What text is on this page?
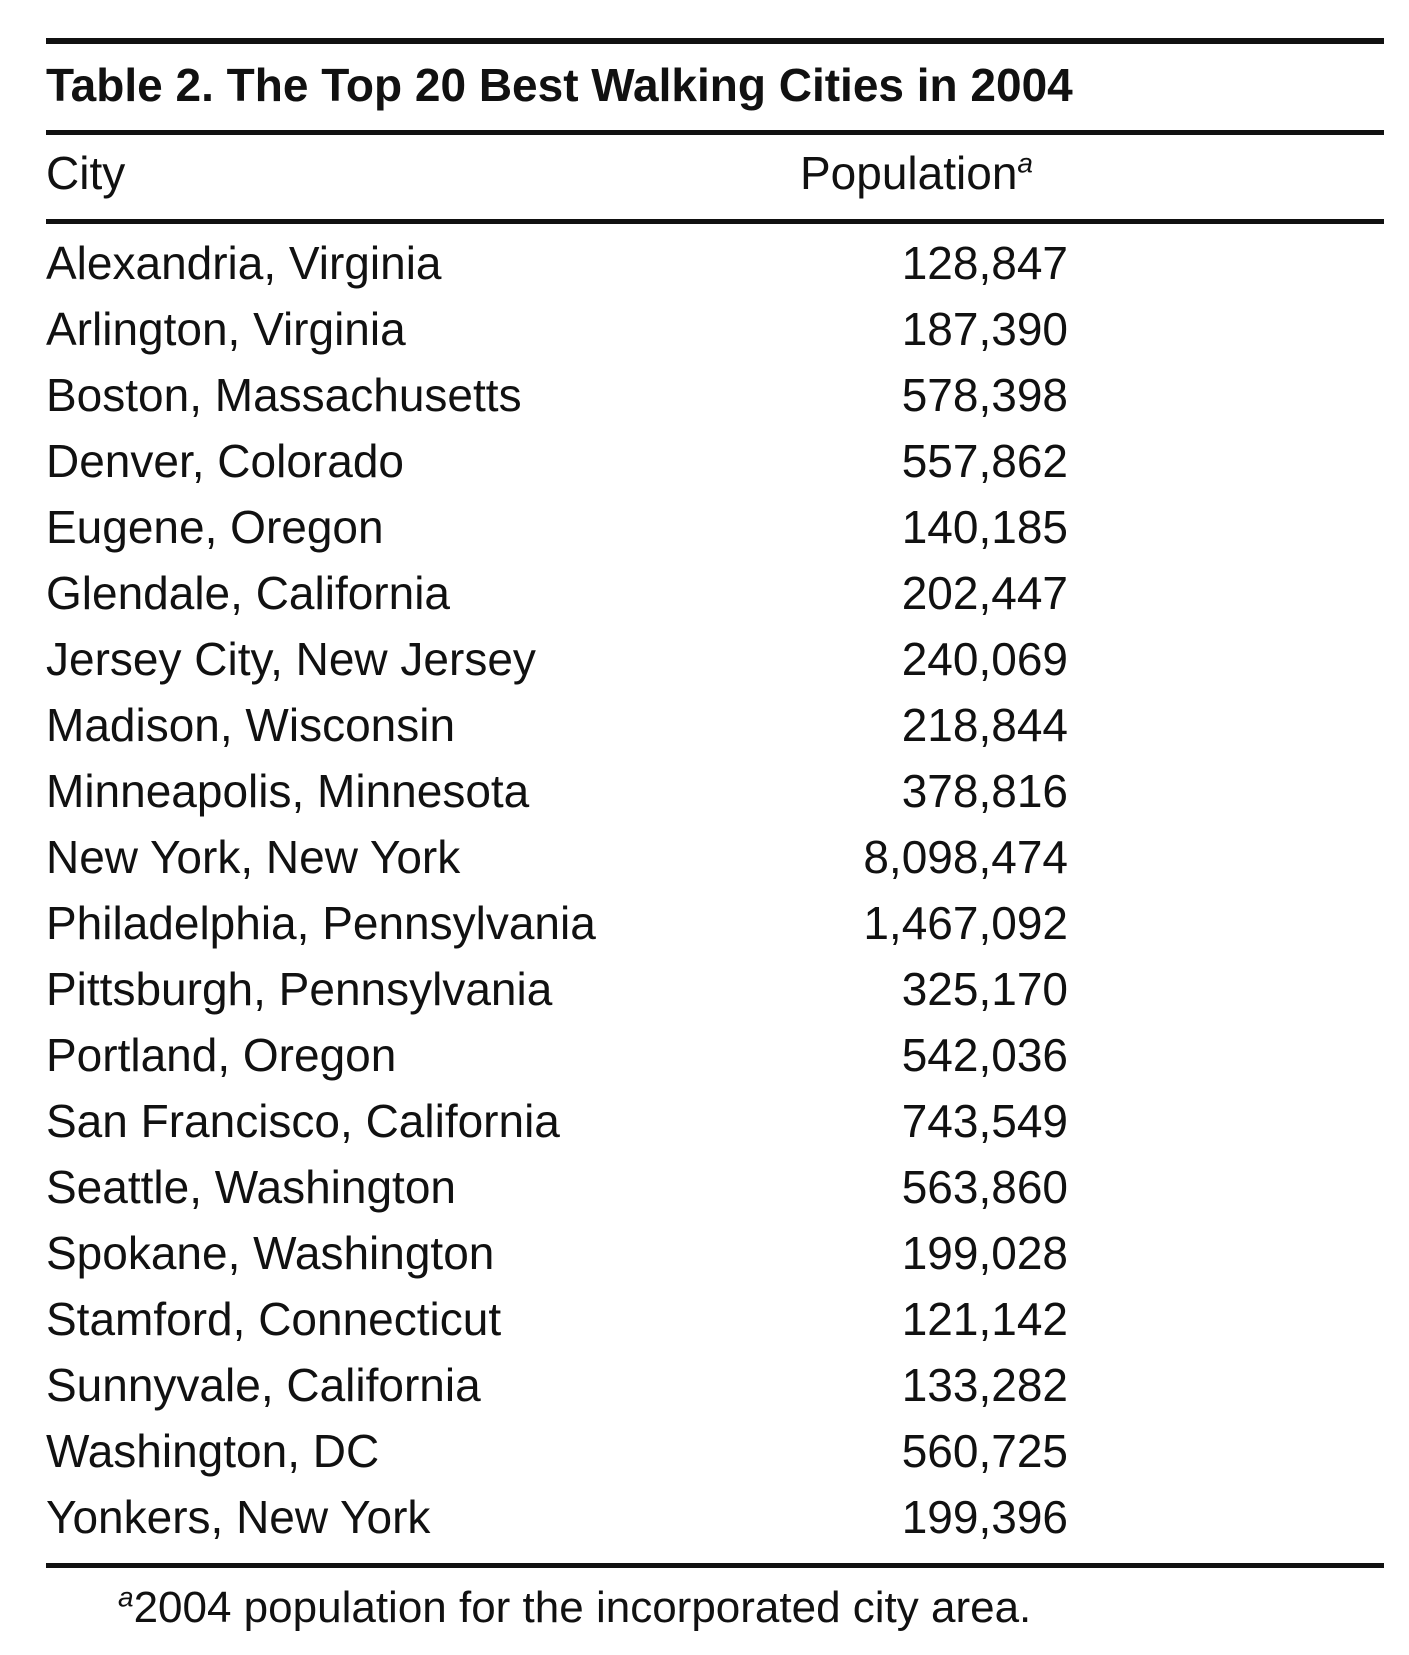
Table 2. The Top 20 Best Walking Cities in 2004
City	Population$^a$
Alexandria, Virginia	128,847
Arlington, Virginia	187,390
Boston, Massachusetts	578,398
Denver, Colorado	557,862
Eugene, Oregon	140,185
Glendale, California	202,447
Jersey City, New Jersey	240,069
Madison, Wisconsin	218,844
Minneapolis, Minnesota	378,816
New York, New York	8,098,474
Philadelphia, Pennsylvania	1,467,092
Pittsburgh, Pennsylvania	325,170
Portland, Oregon	542,036
San Francisco, California	743,549
Seattle, Washington	563,860
Spokane, Washington	199,028
Stamford, Connecticut	121,142
Sunnyvale, California	133,282
Washington, DC	560,725
Yonkers, New York	199,396
$^a$2004 population for the incorporated city area.
